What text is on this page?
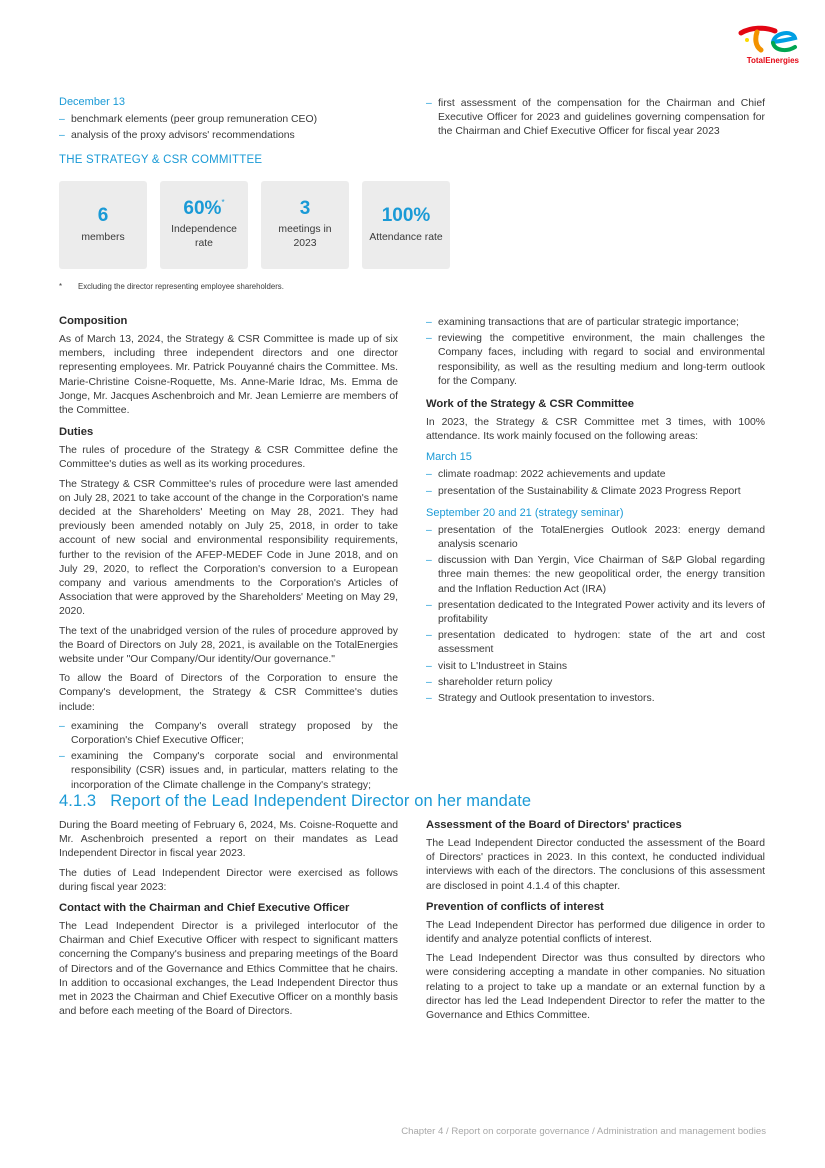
TotalEnergies
December 13
– benchmark elements (peer group remuneration CEO)
– analysis of the proxy advisors' recommendations
– first assessment of the compensation for the Chairman and Chief Executive Officer for 2023 and guidelines governing compensation for the Chairman and Chief Executive Officer for fiscal year 2023
THE STRATEGY & CSR COMMITTEE
6
members
60%*
Independence rate
3
meetings in 2023
100%
Attendance rate
* Excluding the director representing employee shareholders.
Composition

As of March 13, 2024, the Strategy & CSR Committee is made up of six members, including three independent directors and one director representing employees. Mr. Patrick Pouyanné chairs the Committee. Ms. Marie-Christine Coisne-Roquette, Ms. Anne-Marie Idrac, Ms. Emma de Jonge, Mr. Jacques Aschenbroich and Mr. Jean Lemierre are members of the Committee.

Duties

The rules of procedure of the Strategy & CSR Committee define the Committee's duties as well as its working procedures.

The Strategy & CSR Committee's rules of procedure were last amended on July 28, 2021 to take account of the change in the Corporation's name decided at the Shareholders' Meeting on May 28, 2021. They had previously been amended notably on July 25, 2018, in order to take account of new social and environmental responsibility requirements, further to the revision of the AFEP-MEDEF Code in June 2018, and on July 29, 2020, to reflect the Corporation's conversion to a European company and various amendments to the Corporation's Articles of Association that were approved by the Shareholders' Meeting on May 29, 2020.

The text of the unabridged version of the rules of procedure approved by the Board of Directors on July 28, 2021, is available on the TotalEnergies website under "Our Company/Our identity/Our governance."

To allow the Board of Directors of the Corporation to ensure the Company's development, the Strategy & CSR Committee's duties include:

– examining the Company's overall strategy proposed by the Corporation's Chief Executive Officer;
– examining the Company's corporate social and environmental responsibility (CSR) issues and, in particular, matters relating to the incorporation of the Climate challenge in the Company's strategy;
– examining transactions that are of particular strategic importance;
– reviewing the competitive environment, the main challenges the Company faces, including with regard to social and environmental responsibility, as well as the resulting medium and long-term outlook for the Company.
Work of the Strategy & CSR Committee

In 2023, the Strategy & CSR Committee met 3 times, with 100% attendance. Its work mainly focused on the following areas:

March 15
– climate roadmap: 2022 achievements and update
– presentation of the Sustainability & Climate 2023 Progress Report
September 20 and 21 (strategy seminar)
– presentation of the TotalEnergies Outlook 2023: energy demand analysis scenario
– discussion with Dan Yergin, Vice Chairman of S&P Global regarding three main themes: the new geopolitical order, the energy transition and the Inflation Reduction Act (IRA)
– presentation dedicated to the Integrated Power activity and its levers of profitability
– presentation dedicated to hydrogen: state of the art and cost assessment
– visit to L'Industreet in Stains
– shareholder return policy
– Strategy and Outlook presentation to investors.
4.1.3   Report of the Lead Independent Director on her mandate

During the Board meeting of February 6, 2024, Ms. Coisne-Roquette and Mr. Aschenbroich presented a report on their mandates as Lead Independent Director in fiscal year 2023.

The duties of Lead Independent Director were exercised as follows during fiscal year 2023:

Contact with the Chairman and Chief Executive Officer

The Lead Independent Director is a privileged interlocutor of the Chairman and Chief Executive Officer with respect to significant matters concerning the Company's business and preparing meetings of the Board of Directors and of the Governance and Ethics Committee that he chairs. In addition to occasional exchanges, the Lead Independent Director thus met in 2023 the Chairman and Chief Executive Officer on a monthly basis and before each meeting of the Board of Directors.

Assessment of the Board of Directors' practices

The Lead Independent Director conducted the assessment of the Board of Directors' practices in 2023. In this context, he conducted individual interviews with each of the directors. The conclusions of this assessment are disclosed in point 4.1.4 of this chapter.

Prevention of conflicts of interest

The Lead Independent Director has performed due diligence in order to identify and analyze potential conflicts of interest.

The Lead Independent Director was thus consulted by directors who were considering accepting a mandate in other companies. No situation relating to a project to take up a mandate or an external function by a director has led the Lead Independent Director to refer the matter to the Governance and Ethics Committee.

Chapter 4 / Report on corporate governance / Administration and management bodies
